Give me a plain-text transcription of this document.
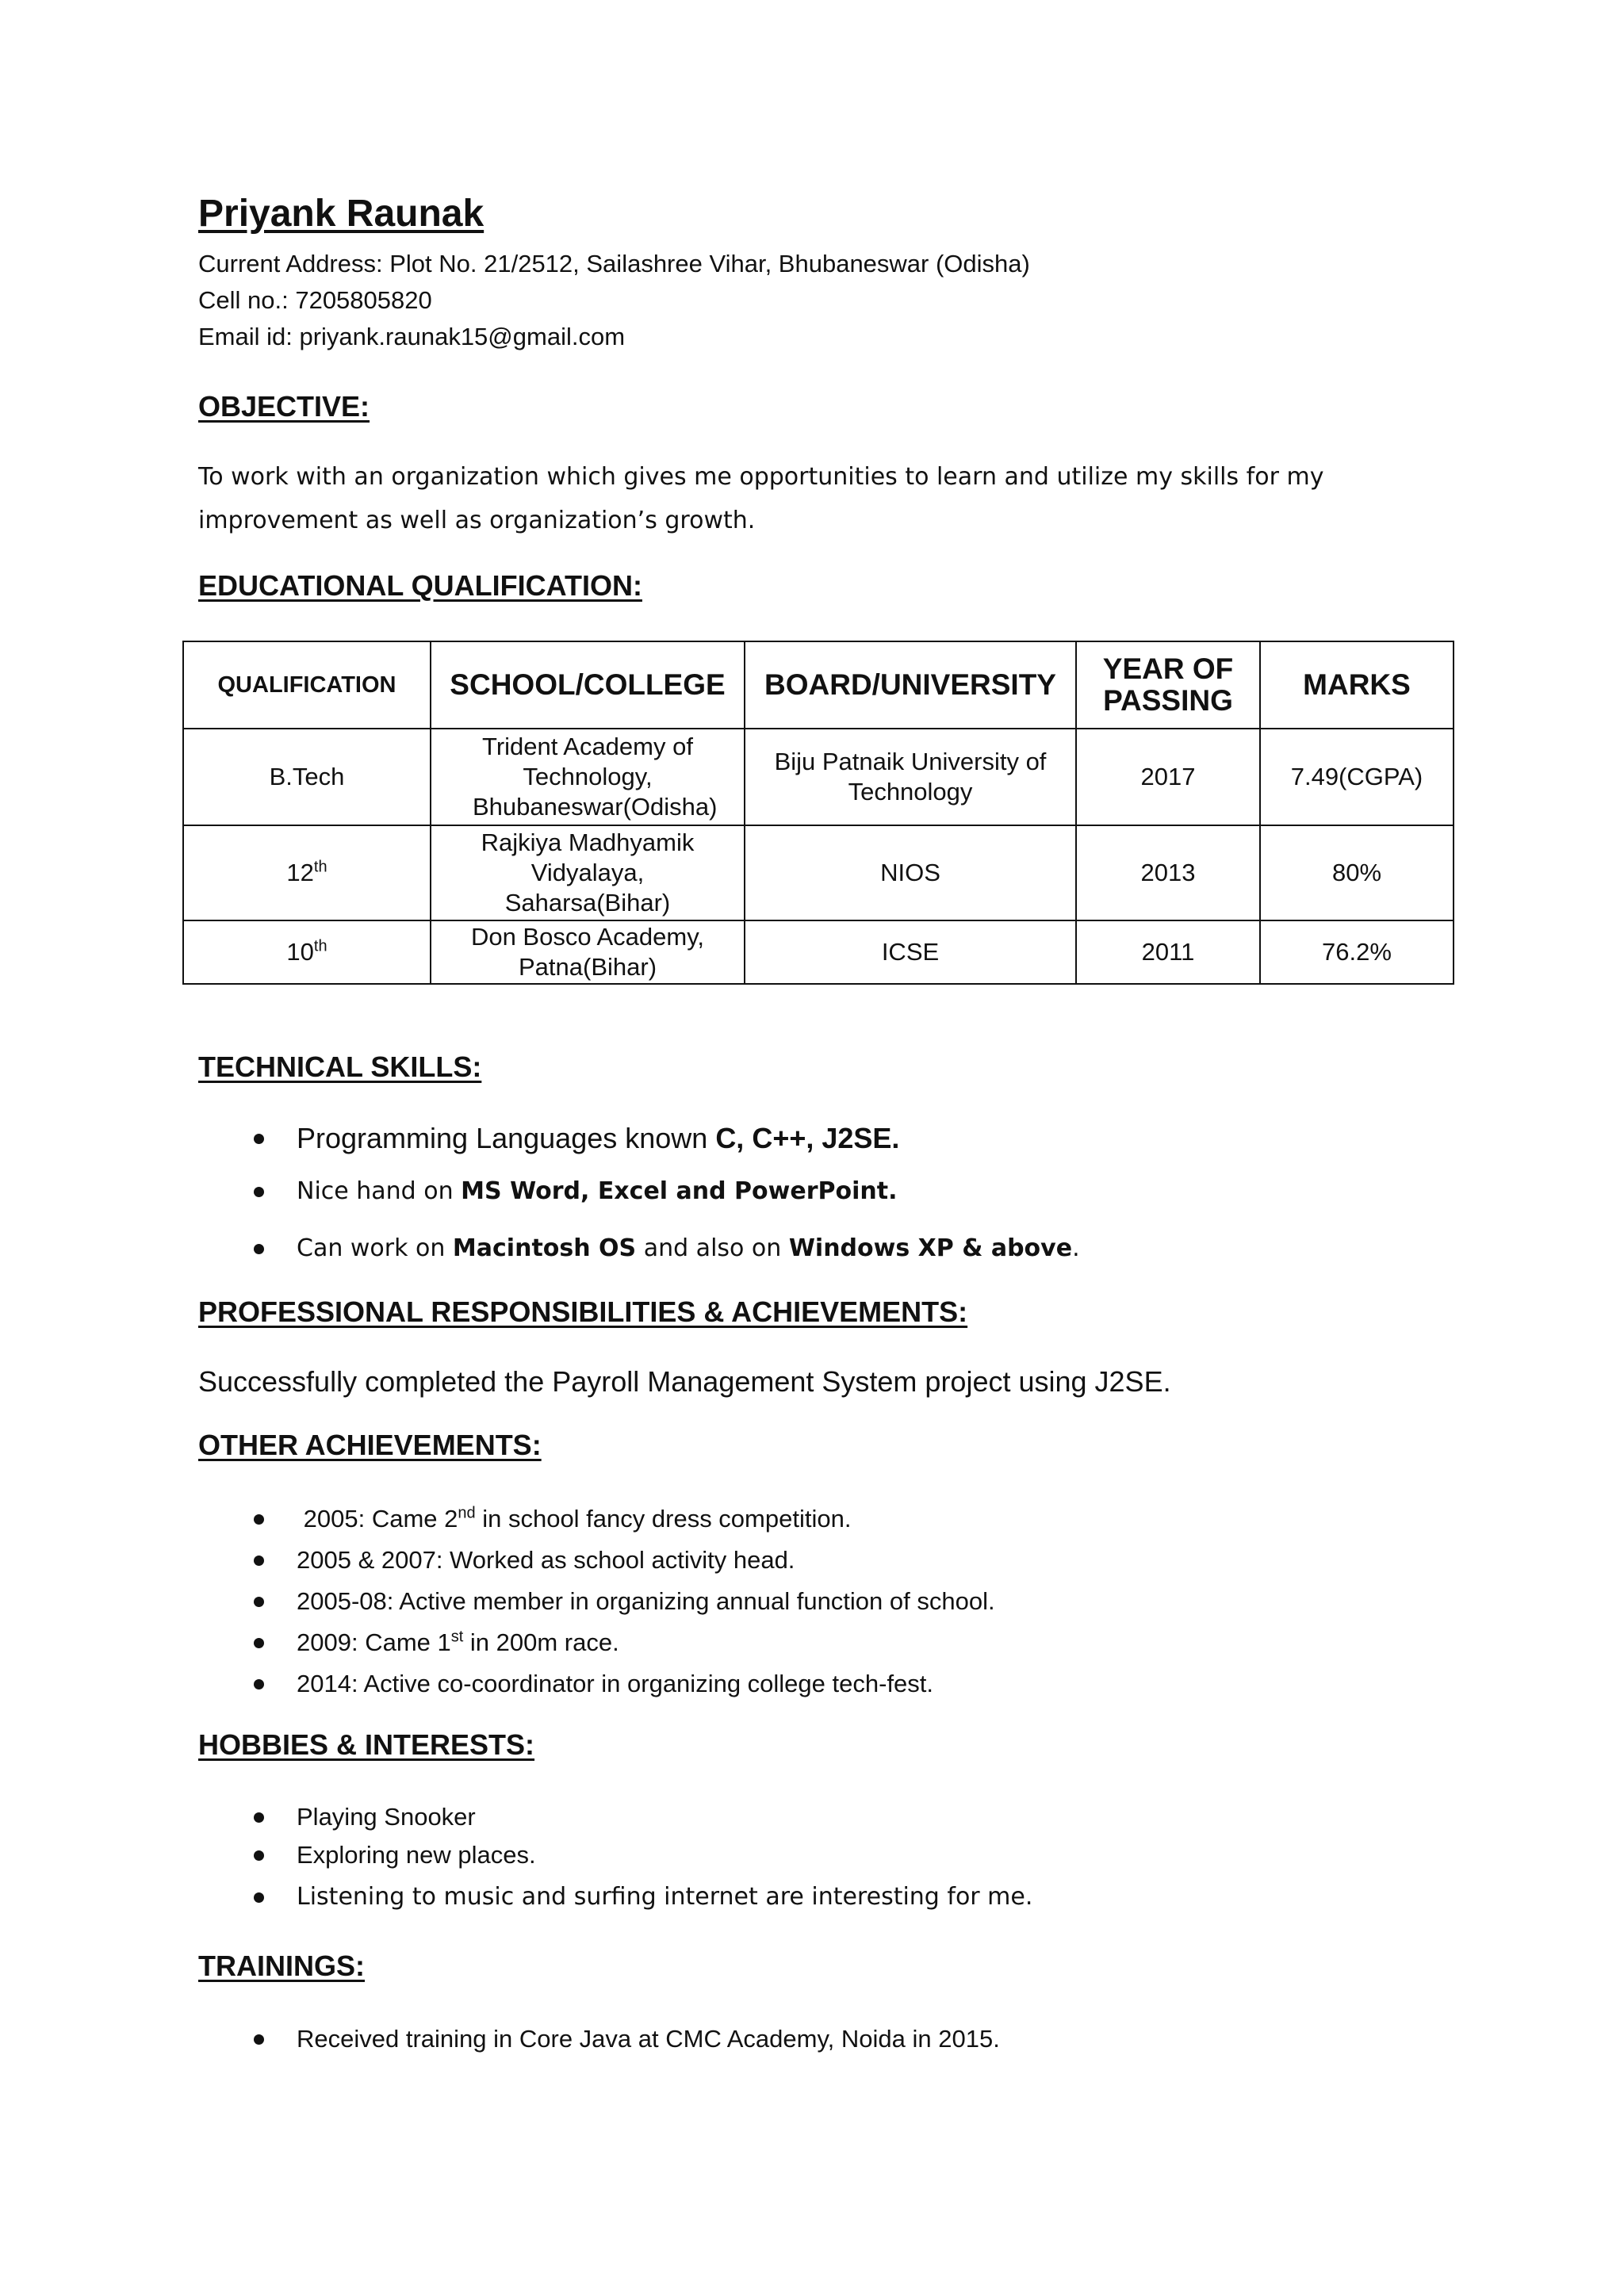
Priyank Raunak
Current Address: Plot No. 21/2512, Sailashree Vihar, Bhubaneswar (Odisha)
Cell no.: 7205805820
Email id: priyank.raunak15@gmail.com
OBJECTIVE:
To work with an organization which gives me opportunities to learn and utilize my skills for my
improvement as well as organization’s growth.
EDUCATIONAL QUALIFICATION:
QUALIFICATION	SCHOOL/COLLEGE	BOARD/UNIVERSITY	YEAR OF PASSING	MARKS
B.Tech	Trident Academy of Technology, Bhubaneswar(Odisha)	Biju Patnaik University of Technology	2017	7.49(CGPA)
12th	Rajkiya Madhyamik Vidyalaya, Saharsa(Bihar)	NIOS	2013	80%
10th	Don Bosco Academy, Patna(Bihar)	ICSE	2011	76.2%
TECHNICAL SKILLS:
Programming Languages known C, C++, J2SE.
Nice hand on MS Word, Excel and PowerPoint.
Can work on Macintosh OS and also on Windows XP & above.
PROFESSIONAL RESPONSIBILITIES & ACHIEVEMENTS:
Successfully completed the Payroll Management System project using J2SE.
OTHER ACHIEVEMENTS:
2005: Came 2nd in school fancy dress competition.
2005 & 2007: Worked as school activity head.
2005-08: Active member in organizing annual function of school.
2009: Came 1st in 200m race.
2014: Active co-coordinator in organizing college tech-fest.
HOBBIES & INTERESTS:
Playing Snooker
Exploring new places.
Listening to music and surfing internet are interesting for me.
TRAININGS:
Received training in Core Java at CMC Academy, Noida in 2015.
